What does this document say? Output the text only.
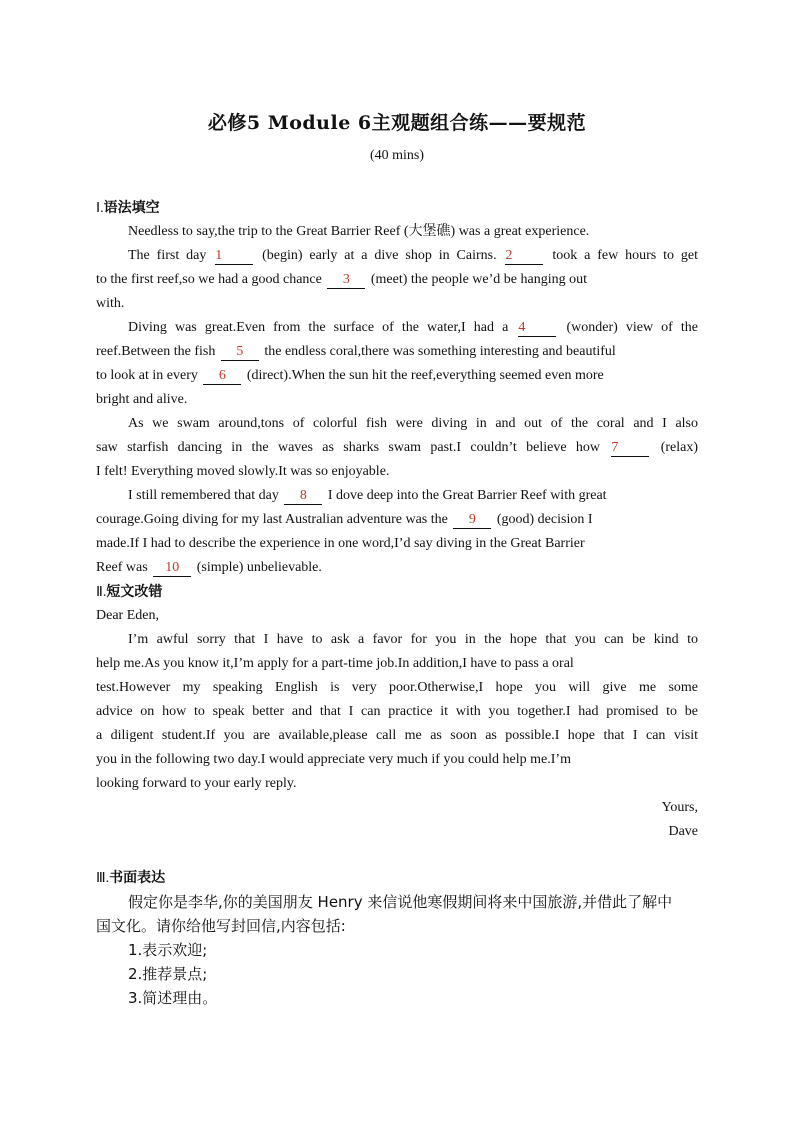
必修5 Module 6主观题组合练——要规范
(40 mins)
Ⅰ.语法填空
Needless to say,the trip to the Great Barrier Reef (大堡礁) was a great experience.
The first day 1 (begin) early at a dive shop in Cairns. 2 took a few hours to get
to the first reef,so we had a good chance 3 (meet) the people we’d be hanging out
with.
Diving was great.Even from the surface of the water,I had a 4 (wonder) view of the
reef.Between the fish 5 the endless coral,there was something interesting and beautiful
to look at in every 6 (direct).When the sun hit the reef,everything seemed even more
bright and alive.
As we swam around,tons of colorful fish were diving in and out of the coral and I also
saw starfish dancing in the waves as sharks swam past.I couldn’t believe how 7 (relax)
I felt! Everything moved slowly.It was so enjoyable.
I still remembered that day 8 I dove deep into the Great Barrier Reef with great
courage.Going diving for my last Australian adventure was the 9 (good) decision I
made.If I had to describe the experience in one word,I’d say diving in the Great Barrier
Reef was 10 (simple) unbelievable.
Ⅱ.短文改错
Dear Eden,
I’m awful sorry that I have to ask a favor for you in the hope that you can be kind to
help me.As you know it,I’m apply for a part-time job.In addition,I have to pass a oral
test.However my speaking English is very poor.Otherwise,I hope you will give me some
advice on how to speak better and that I can practice it with you together.I had promised to be
a diligent student.If you are available,please call me as soon as possible.I hope that I can visit
you in the following two day.I would appreciate very much if you could help me.I’m
looking forward to your early reply.
Yours,
Dave
Ⅲ.书面表达
假定你是李华,你的美国朋友 Henry 来信说他寒假期间将来中国旅游,并借此了解中
国文化。请你给他写封回信,内容包括:
1.表示欢迎;
2.推荐景点;
3.简述理由。
